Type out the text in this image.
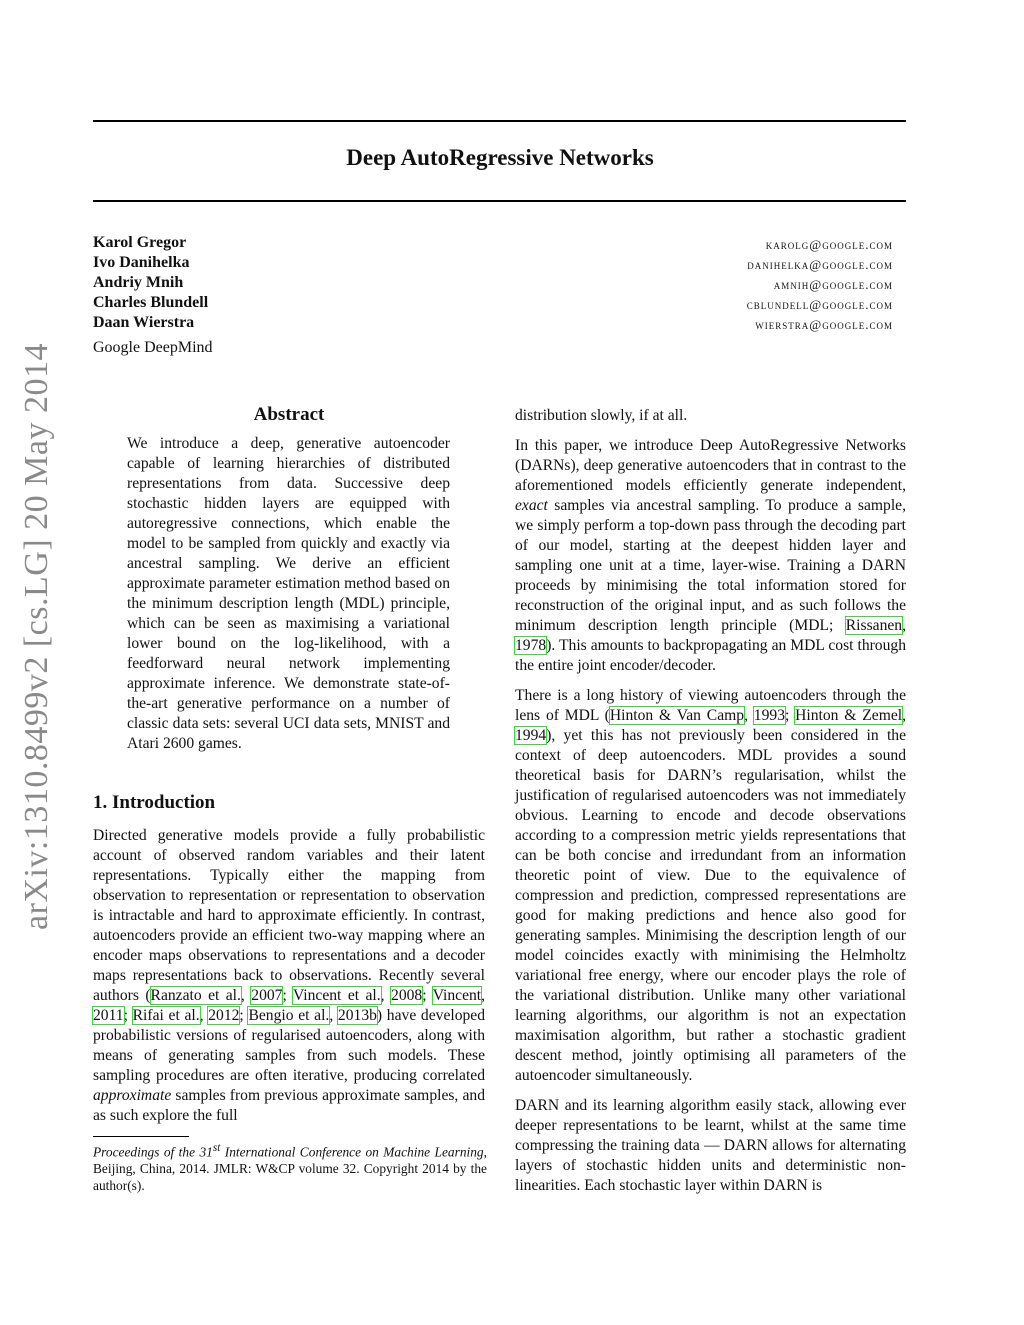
Deep AutoRegressive Networks
arXiv:1310.8499v2 [cs.LG] 20 May 2014
Karol Gregor
Ivo Danihelka
Andriy Mnih
Charles Blundell
Daan Wierstra
karolg@google.com
danihelka@google.com
amnih@google.com
cblundell@google.com
wierstra@google.com
Google DeepMind
Abstract
We introduce a deep, generative autoencoder capable of learning hierarchies of distributed representations from data. Successive deep stochastic hidden layers are equipped with autoregressive connections, which enable the model to be sampled from quickly and exactly via ancestral sampling. We derive an efficient approximate parameter estimation method based on the minimum description length (MDL) principle, which can be seen as maximising a variational lower bound on the log-likelihood, with a feedforward neural network implementing approximate inference. We demonstrate state-of-the-art generative performance on a number of classic data sets: several UCI data sets, MNIST and Atari 2600 games.
1. Introduction
Directed generative models provide a fully probabilistic account of observed random variables and their latent representations. Typically either the mapping from observation to representation or representation to observation is intractable and hard to approximate efficiently. In contrast, autoencoders provide an efficient two-way mapping where an encoder maps observations to representations and a decoder maps representations back to observations. Recently several authors (Ranzato et al., 2007; Vincent et al., 2008; Vincent, 2011; Rifai et al., 2012; Bengio et al., 2013b) have developed probabilistic versions of regularised autoencoders, along with means of generating samples from such models. These sampling procedures are often iterative, producing correlated approximate samples from previous approximate samples, and as such explore the full
Proceedings of the 31st International Conference on Machine Learning, Beijing, China, 2014. JMLR: W&CP volume 32. Copyright 2014 by the author(s).

distribution slowly, if at all.

In this paper, we introduce Deep AutoRegressive Networks (DARNs), deep generative autoencoders that in contrast to the aforementioned models efficiently generate independent, exact samples via ancestral sampling. To produce a sample, we simply perform a top-down pass through the decoding part of our model, starting at the deepest hidden layer and sampling one unit at a time, layer-wise. Training a DARN proceeds by minimising the total information stored for reconstruction of the original input, and as such follows the minimum description length principle (MDL; Rissanen, 1978). This amounts to backpropagating an MDL cost through the entire joint encoder/decoder.

There is a long history of viewing autoencoders through the lens of MDL (Hinton & Van Camp, 1993; Hinton & Zemel, 1994), yet this has not previously been considered in the context of deep autoencoders. MDL provides a sound theoretical basis for DARN’s regularisation, whilst the justification of regularised autoencoders was not immediately obvious. Learning to encode and decode observations according to a compression metric yields representations that can be both concise and irredundant from an information theoretic point of view. Due to the equivalence of compression and prediction, compressed representations are good for making predictions and hence also good for generating samples. Minimising the description length of our model coincides exactly with minimising the Helmholtz variational free energy, where our encoder plays the role of the variational distribution. Unlike many other variational learning algorithms, our algorithm is not an expectation maximisation algorithm, but rather a stochastic gradient descent method, jointly optimising all parameters of the autoencoder simultaneously.

DARN and its learning algorithm easily stack, allowing ever deeper representations to be learnt, whilst at the same time compressing the training data — DARN allows for alternating layers of stochastic hidden units and deterministic non-linearities. Each stochastic layer within DARN is
